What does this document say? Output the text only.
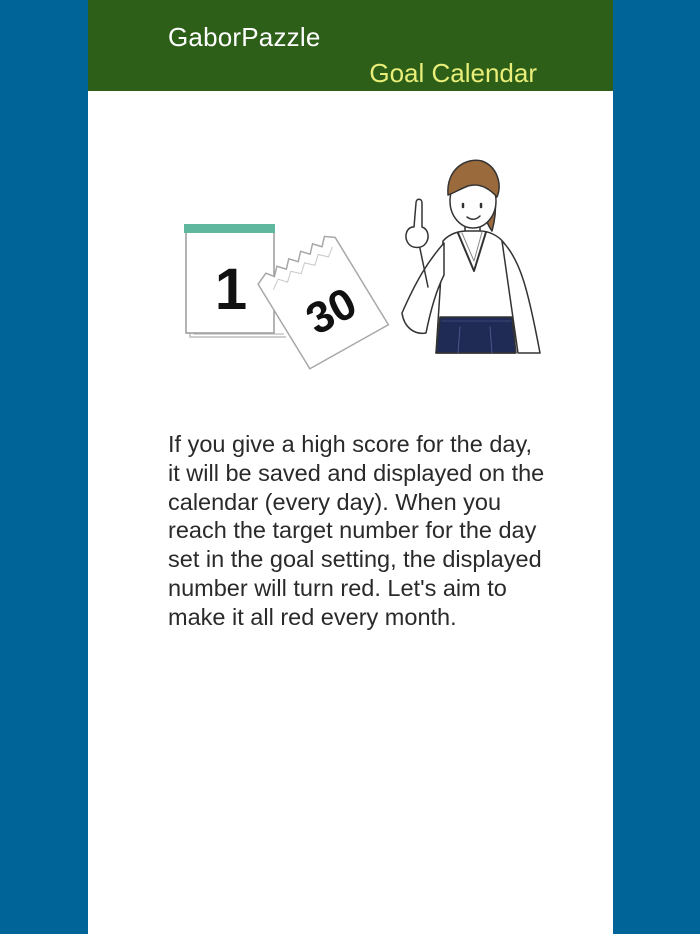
GaborPazzle
Goal Calendar
1 30

If you give a high score for the day, it will be saved and displayed on the calendar (every day). When you reach the target number for the day set in the goal setting, the displayed number will turn red. Let's aim to make it all red every month.
